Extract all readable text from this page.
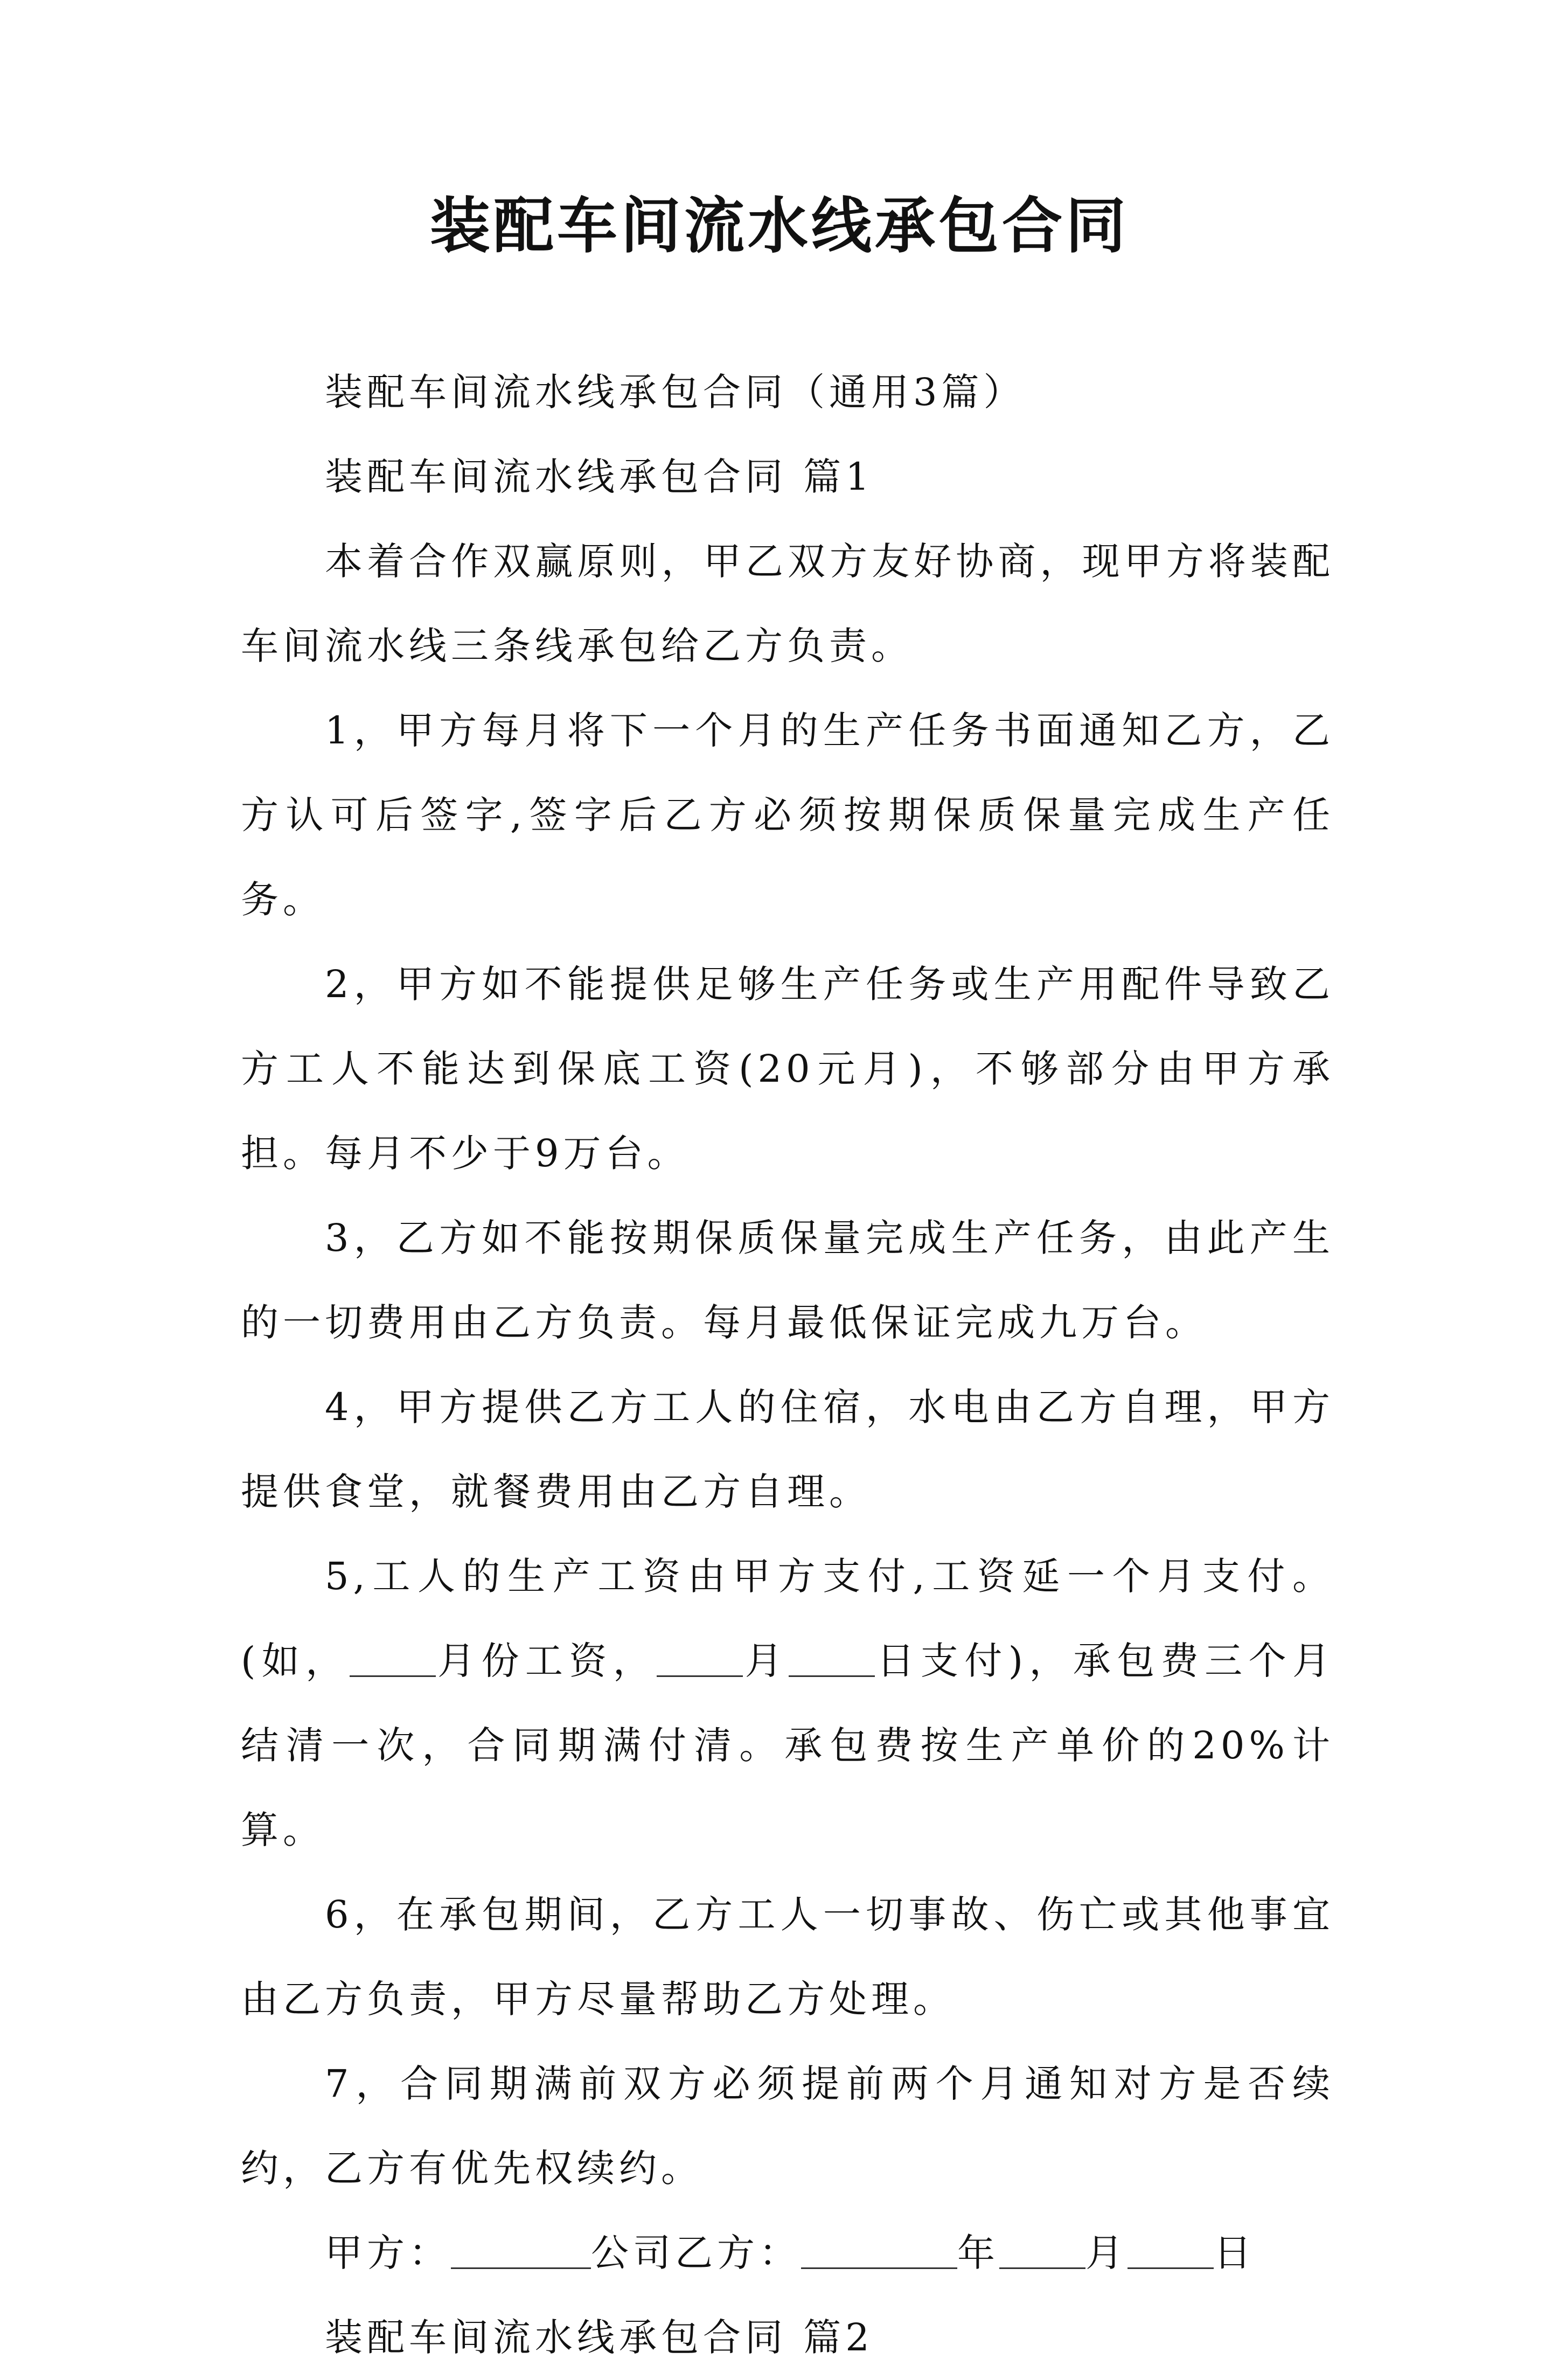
装配车间流水线承包合同

装配车间流水线承包合同（通用3篇）

装配车间流水线承包合同 篇1

本着合作双赢原则，甲乙双方友好协商，现甲方将装配车间流水线三条线承包给乙方负责。

1，甲方每月将下一个月的生产任务书面通知乙方，乙方认可后签字,签字后乙方必须按期保质保量完成生产任务。

2，甲方如不能提供足够生产任务或生产用配件导致乙方工人不能达到保底工资(20元月)，不够部分由甲方承担。每月不少于9万台。

3，乙方如不能按期保质保量完成生产任务，由此产生的一切费用由乙方负责。每月最低保证完成九万台。

4，甲方提供乙方工人的住宿，水电由乙方自理，甲方提供食堂，就餐费用由乙方自理。

5,工人的生产工资由甲方支付,工资延一个月支付。(如， 月份工资， 月 日支付)，承包费三个月结清一次，合同期满付清。承包费按生产单价的20%计算。

6，在承包期间，乙方工人一切事故、伤亡或其他事宜由乙方负责，甲方尽量帮助乙方处理。

7，合同期满前双方必须提前两个月通知对方是否续约，乙方有优先权续约。

甲方：	公司乙方：	年 月 日

装配车间流水线承包合同 篇2
